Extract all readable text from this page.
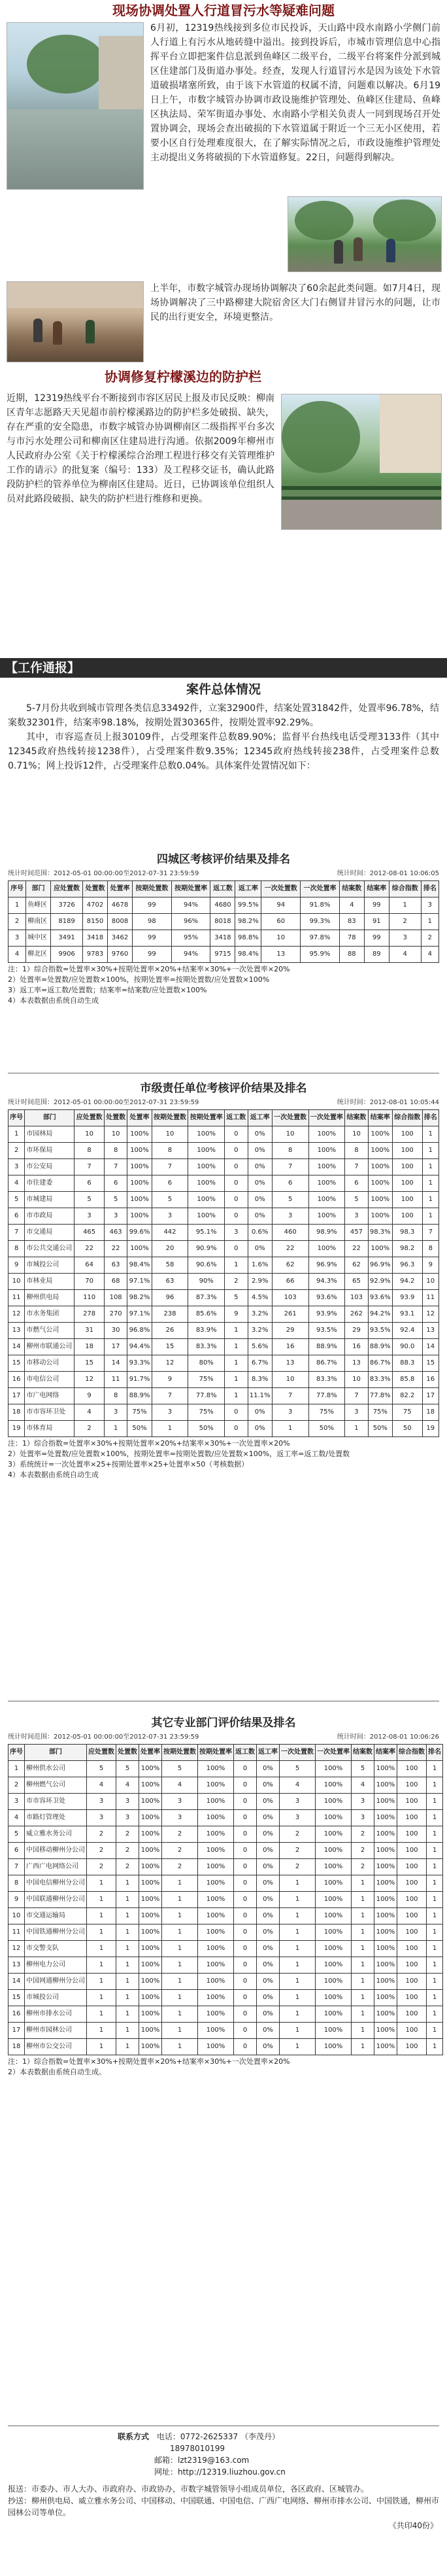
现场协调处置人行道冒污水等疑难问题
6月初，12319热线接到多位市民投诉，天山路中段水南路小学侧门前人行道上有污水从地砖缝中溢出。接到投诉后，市城市管理信息中心指挥平台立即把案件信息派到鱼峰区二级平台，二级平台将案件分派到城区住建部门及街道办事处。经查，发现人行道冒污水是因为该处下水管道破损堵塞所致，由于该下水管道的权属不清，问题难以解决。6月19日上午，市数字城管办协调市政设施维护管理处、鱼峰区住建局、鱼峰区执法局、荣军街道办事处、水南路小学相关负责人一同到现场召开处置协调会，现场会查出破损的下水管道属于附近一个三无小区使用，若要小区自行处理难度很大，在了解实际情况之后，市政设施维护管理处主动提出义务将破损的下水管道修复。22日，问题得到解决。
上半年，市数字城管办现场协调解决了60余起此类问题。如7月4日，现场协调解决了三中路柳建大院宿舍区大门右侧冒井冒污水的问题，让市民的出行更安全，环境更整洁。
协调修复柠檬溪边的防护栏
近期，12319热线平台不断接到市容区居民上报及市民反映：柳南区青年志愿路天天见超市前柠檬溪路边的防护栏多处破损、缺失，存在严重的安全隐患，市数字城管办协调柳南区二级指挥平台多次与市污水处理公司和柳南区住建局进行沟通。依据2009年柳州市人民政府办公室《关于柠檬溪综合治理工程进行移交有关管理维护工作的请示》的批复案（编号：133）及工程移交证书，确认此路段防护栏的管养单位为柳南区住建局。近日，已协调该单位组织人员对此路段破损、缺失的防护栏进行维修和更换。
【工作通报】
案件总体情况
5-7月份共收到城市管理各类信息33492件，立案32900件，结案处置31842件，处置率96.78%，结案数32301件，结案率98.18%，按期处置30365件，按期处置率92.29%。
其中，市容巡查员上报30109件，占受理案件总数89.90%；监督平台热线电话受理3133件（其中12345政府热线转接1238件），占受理案件数9.35%；12345政府热线转接238件，占受理案件总数0.71%；网上投诉12件，占受理案件总数0.04%。具体案件处置情况如下：
四城区考核评价结果及排名
统计时间范围：2012-05-01 00:00:00至2012-07-31 23:59:59	统计时间：2012-08-01 10:06:05
序号	部门	应处置数	处置数	处置率	按期处置数	按期处置率	返工数	返工率	一次处置数	一次处置率	结案数	结案率	综合指数	排名
1	鱼峰区	3726	4702	4678	99	94%	4680	99.5%	94	91.8%	4	99	1	3
2	柳南区	8189	8150	8008	98	96%	8018	98.2%	60	99.3%	83	91	2	1
3	城中区	3491	3418	3462	99	95%	3418	98.8%	10	97.8%	78	99	3	2
4	柳北区	9906	9783	9760	99	94%	9715	98.4%	13	95.9%	88	89	4	4
注：1）综合指数=处置率×30%+按期处置率×20%+结案率×30%+一次处置率×20%
2）处置率=处置数/应处置数×100%，按期处置率=按期处置数/应处置数×100%
3）返工率=返工数/处置数；结案率=结案数/应处置数×100%
4）本表数据由系统自动生成
市级责任单位考核评价结果及排名
统计时间范围：2012-05-01 00:00:00至2012-07-31 23:59:59	统计时间：2012-08-01 10:05:44
序号	部门	应处置数	处置数	处置率	按期处置数	按期处置率	返工数	返工率	一次处置数	一次处置率	结案数	结案率	综合指数	排名
1	市园林局	10	10	100%	10	100%	0	0%	10	100%	10	100%	100	1
2	市环保局	8	8	100%	8	100%	0	0%	8	100%	8	100%	100	1
3	市公安局	7	7	100%	7	100%	0	0%	7	100%	7	100%	100	1
4	市住建委	6	6	100%	6	100%	0	0%	6	100%	6	100%	100	1
5	市城建局	5	5	100%	5	100%	0	0%	5	100%	5	100%	100	1
6	市市政局	3	3	100%	3	100%	0	0%	3	100%	3	100%	100	1
7	市交通局	465	463	99.6%	442	95.1%	3	0.6%	460	98.9%	457	98.3%	98.3	7
8	市公共交通公司	22	22	100%	20	90.9%	0	0%	22	100%	22	100%	98.2	8
9	市城投公司	64	63	98.4%	58	90.6%	1	1.6%	62	96.9%	62	96.9%	96.3	9
10	市林业局	70	68	97.1%	63	90%	2	2.9%	66	94.3%	65	92.9%	94.2	10
11	柳州供电局	110	108	98.2%	96	87.3%	5	4.5%	103	93.6%	103	93.6%	93.9	11
12	市水务集团	278	270	97.1%	238	85.6%	9	3.2%	261	93.9%	262	94.2%	93.1	12
13	市燃气公司	31	30	96.8%	26	83.9%	1	3.2%	29	93.5%	29	93.5%	92.4	13
14	柳州市联通公司	18	17	94.4%	15	83.3%	1	5.6%	16	88.9%	16	88.9%	90.0	14
15	市移动公司	15	14	93.3%	12	80%	1	6.7%	13	86.7%	13	86.7%	88.3	15
16	市电信公司	12	11	91.7%	9	75%	1	8.3%	10	83.3%	10	83.3%	85.8	16
17	市广电网络	9	8	88.9%	7	77.8%	1	11.1%	7	77.8%	7	77.8%	82.2	17
18	市市容环卫处	4	3	75%	3	75%	0	0%	3	75%	3	75%	75	18
19	市体育局	2	1	50%	1	50%	0	0%	1	50%	1	50%	50	19
注：1）综合指数=处置率×30%+按期处置率×20%+结案率×30%+一次处置率×20%
2）处置率=处置数/应处置数×100%，按期处置率=按期处置数/应处置数×100%，返工率=返工数/处置数
3）系统统计=一次处置率×25+按期处置率×25+处置率×50（考核数据）
4）本表数据由系统自动生成
其它专业部门评价结果及排名
统计时间范围：2012-05-01 00:00:00至2012-07-31 23:59:59	统计时间：2012-08-01 10:06:26
序号	部门	应处置数	处置数	处置率	按期处置数	按期处置率	返工数	返工率	一次处置数	一次处置率	结案数	结案率	综合指数	排名
1	柳州供水公司	5	5	100%	5	100%	0	0%	5	100%	5	100%	100	1
2	柳州燃气公司	4	4	100%	4	100%	0	0%	4	100%	4	100%	100	1
3	市市容环卫处	3	3	100%	3	100%	0	0%	3	100%	3	100%	100	1
4	市路灯管理处	3	3	100%	3	100%	0	0%	3	100%	3	100%	100	1
5	威立雅水务公司	2	2	100%	2	100%	0	0%	2	100%	2	100%	100	1
6	中国移动柳州分公司	2	2	100%	2	100%	0	0%	2	100%	2	100%	100	1
7	广西广电网络公司	2	2	100%	2	100%	0	0%	2	100%	2	100%	100	1
8	中国电信柳州分公司	1	1	100%	1	100%	0	0%	1	100%	1	100%	100	1
9	中国联通柳州分公司	1	1	100%	1	100%	0	0%	1	100%	1	100%	100	1
10	市交通运输局	1	1	100%	1	100%	0	0%	1	100%	1	100%	100	1
11	中国铁通柳州分公司	1	1	100%	1	100%	0	0%	1	100%	1	100%	100	1
12	市交警支队	1	1	100%	1	100%	0	0%	1	100%	1	100%	100	1
13	柳州电力公司	1	1	100%	1	100%	0	0%	1	100%	1	100%	100	1
14	中国网通柳州分公司	1	1	100%	1	100%	0	0%	1	100%	1	100%	100	1
15	市城投公司	1	1	100%	1	100%	0	0%	1	100%	1	100%	100	1
16	柳州市排水公司	1	1	100%	1	100%	0	0%	1	100%	1	100%	100	1
17	柳州市园林公司	1	1	100%	1	100%	0	0%	1	100%	1	100%	100	1
18	柳州市公交公司	1	1	100%	1	100%	0	0%	1	100%	1	100%	100	1
注：1）综合指数=处置率×30%+按期处置率×20%+结案率×30%+一次处置率×20%
2）本表数据由系统自动生成。
联系方式 电话：0772-2625337 （李茂丹）
18978010199
邮箱：lzt2319@163.com
网址：http://12319.liuzhou.gov.cn
报送：市委办、市人大办、市政府办、市政协办，市数字城管领导小组成员单位，各区政府、区城管办。
抄送：柳州供电局、威立雅水务公司、中国移动、中国联通、中国电信、广西广电网络、柳州市排水公司、中国铁通，柳州市园林公司等单位。
《共印40份》
